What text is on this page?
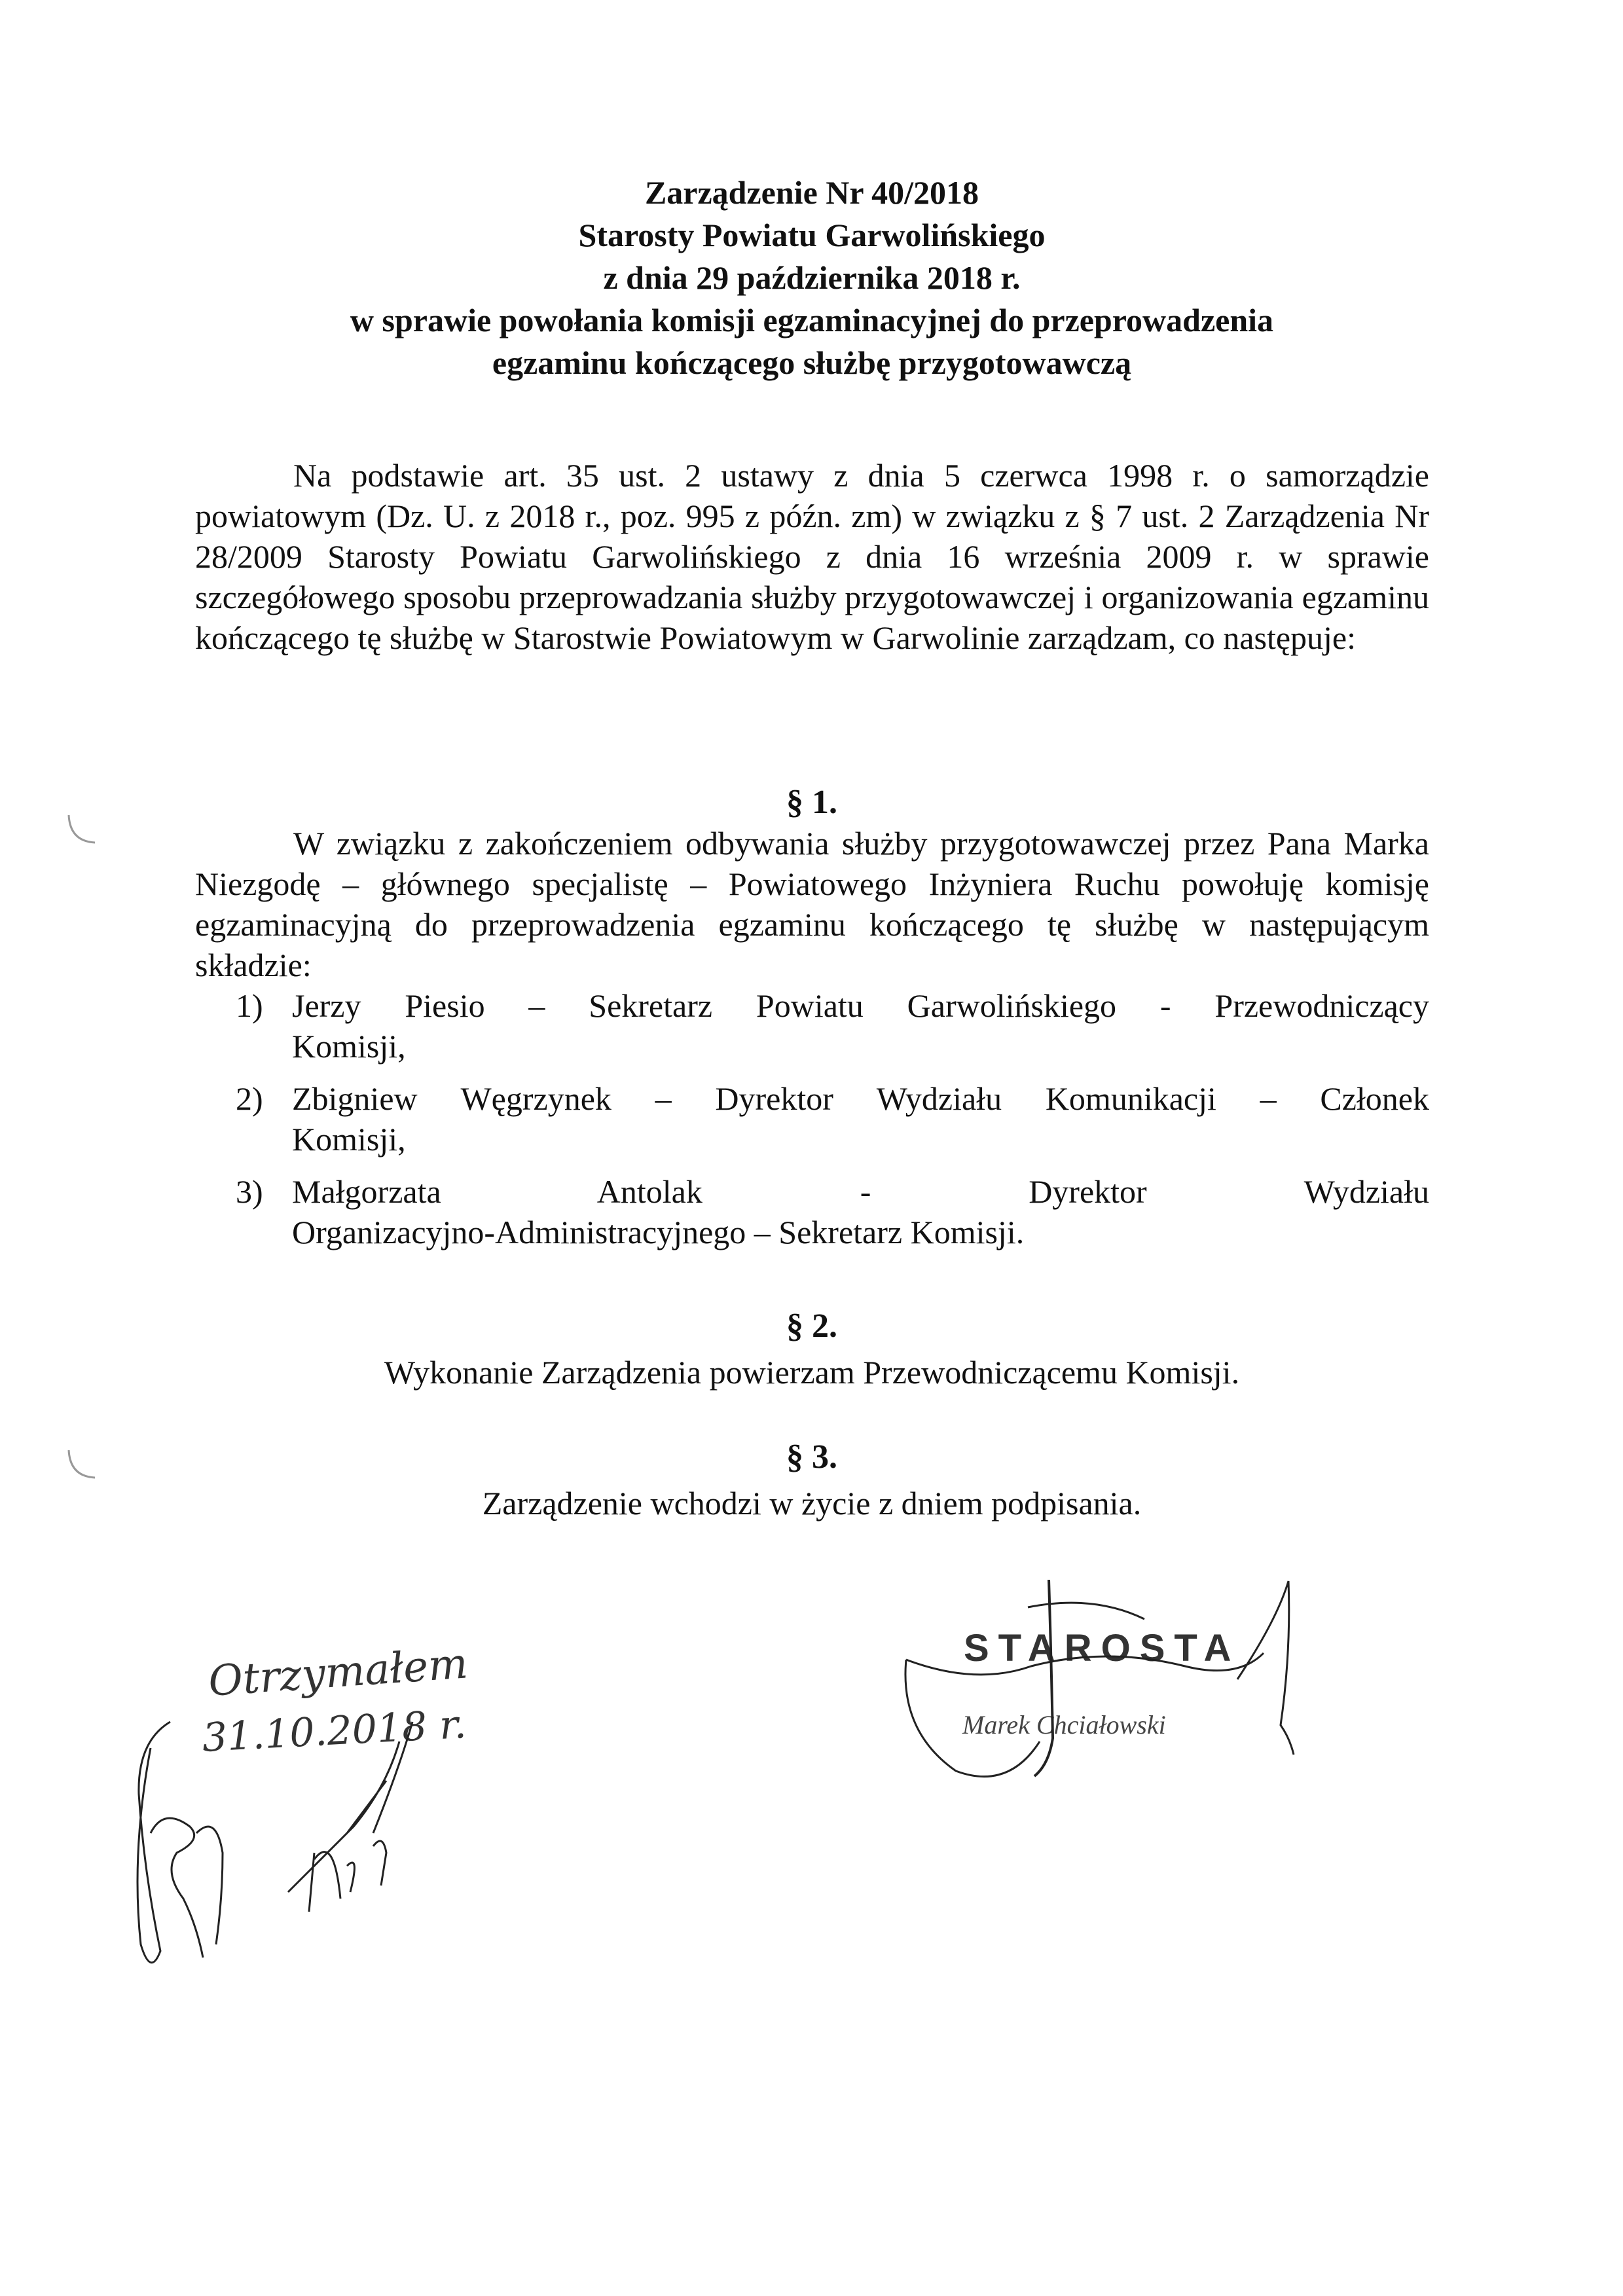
Zarządzenie Nr 40/2018
Starosty Powiatu Garwolińskiego
z dnia 29 października 2018 r.
w sprawie powołania komisji egzaminacyjnej do przeprowadzenia
egzaminu kończącego służbę przygotowawczą
Na podstawie art. 35 ust. 2 ustawy z dnia 5 czerwca 1998 r. o samorządzie powiatowym (Dz. U. z 2018 r., poz. 995 z późn. zm) w związku z § 7 ust. 2 Zarządzenia Nr 28/2009 Starosty Powiatu Garwolińskiego z dnia 16 września 2009 r. w sprawie szczegółowego sposobu przeprowadzania służby przygotowawczej i organizowania egzaminu kończącego tę służbę w Starostwie Powiatowym w Garwolinie zarządzam, co następuje:
§ 1.
W związku z zakończeniem odbywania służby przygotowawczej przez Pana Marka Niezgodę – głównego specjalistę – Powiatowego Inżyniera Ruchu powołuję komisję egzaminacyjną do przeprowadzenia egzaminu kończącego tę służbę w następującym składzie:
1) Jerzy Piesio – Sekretarz Powiatu Garwolińskiego - Przewodniczący
Komisji,
2) Zbigniew Węgrzynek – Dyrektor Wydziału Komunikacji – Członek
Komisji,
3) Małgorzata Antolak - Dyrektor Wydziału
Organizacyjno-Administracyjnego – Sekretarz Komisji.
§ 2.
Wykonanie Zarządzenia powierzam Przewodniczącemu Komisji.
§ 3.
Zarządzenie wchodzi w życie z dniem podpisania.
STAROSTA
Marek Chciałowski
Otrzymałem
31.10.2018 r.
